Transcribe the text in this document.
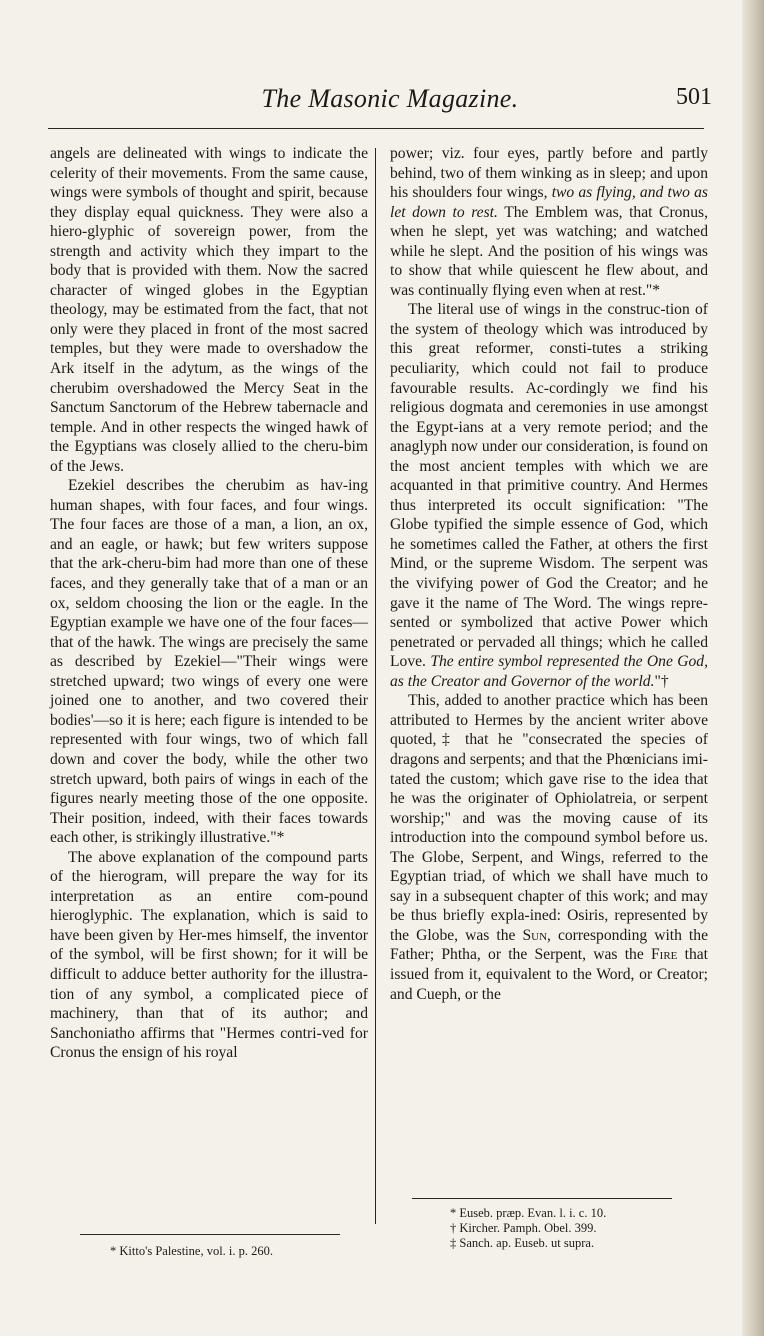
The Masonic Magazine.	501

angels are delineated with wings to indicate the celerity of their movements. From the same cause, wings were symbols of thought and spirit, because they display equal quickness. They were also a hiero-glyphic of sovereign power, from the strength and activity which they impart to the body that is provided with them. Now the sacred character of winged globes in the Egyptian theology, may be estimated from the fact, that not only were they placed in front of the most sacred temples, but they were made to overshadow the Ark itself in the adytum, as the wings of the cherubim overshadowed the Mercy Seat in the Sanctum Sanctorum of the Hebrew tabernacle and temple. And in other respects the winged hawk of the Egyptians was closely allied to the cheru-bim of the Jews.

Ezekiel describes the cherubim as hav-ing human shapes, with four faces, and four wings. The four faces are those of a man, a lion, an ox, and an eagle, or hawk; but few writers suppose that the ark-cheru-bim had more than one of these faces, and they generally take that of a man or an ox, seldom choosing the lion or the eagle. In the Egyptian example we have one of the four faces—that of the hawk. The wings are precisely the same as described by Ezekiel—"Their wings were stretched upward; two wings of every one were joined one to another, and two covered their bodies'—so it is here; each figure is intended to be represented with four wings, two of which fall down and cover the body, while the other two stretch upward, both pairs of wings in each of the figures nearly meeting those of the one opposite. Their position, indeed, with their faces towards each other, is strikingly illustrative."*

The above explanation of the compound parts of the hierogram, will prepare the way for its interpretation as an entire com-pound hieroglyphic. The explanation, which is said to have been given by Her-mes himself, the inventor of the symbol, will be first shown; for it will be difficult to adduce better authority for the illustra-tion of any symbol, a complicated piece of machinery, than that of its author; and Sanchoniatho affirms that "Hermes contri-ved for Cronus the ensign of his royal

power; viz. four eyes, partly before and partly behind, two of them winking as in sleep; and upon his shoulders four wings, two as flying, and two as let down to rest. The Emblem was, that Cronus, when he slept, yet was watching; and watched while he slept. And the position of his wings was to show that while quiescent he flew about, and was continually flying even when at rest."*

The literal use of wings in the construc-tion of the system of theology which was introduced by this great reformer, consti-tutes a striking peculiarity, which could not fail to produce favourable results. Ac-cordingly we find his religious dogmata and ceremonies in use amongst the Egypt-ians at a very remote period; and the anaglyph now under our consideration, is found on the most ancient temples with which we are acquanted in that primitive country. And Hermes thus interpreted its occult signification: "The Globe typified the simple essence of God, which he sometimes called the Father, at others the first Mind, or the supreme Wisdom. The serpent was the vivifying power of God the Creator; and he gave it the name of The Word. The wings repre-sented or symbolized that active Power which penetrated or pervaded all things; which he called Love. The entire symbol represented the One God, as the Creator and Governor of the world."†

This, added to another practice which has been attributed to Hermes by the ancient writer above quoted,‡ that he "consecrated the species of dragons and serpents; and that the Phœnicians imi-tated the custom; which gave rise to the idea that he was the originater of Ophiolatreia, or serpent worship;" and was the moving cause of its introduction into the compound symbol before us. The Globe, Serpent, and Wings, referred to the Egyptian triad, of which we shall have much to say in a subsequent chapter of this work; and may be thus briefly expla-ined: Osiris, represented by the Globe, was the Sun, corresponding with the Father; Phtha, or the Serpent, was the Fire that issued from it, equivalent to the Word, or Creator; and Cueph, or the

* Kitto's Palestine, vol. i. p. 260.
* Euseb. præp. Evan. l. i. c. 10.
† Kircher. Pamph. Obel. 399.
‡ Sanch. ap. Euseb. ut supra.
